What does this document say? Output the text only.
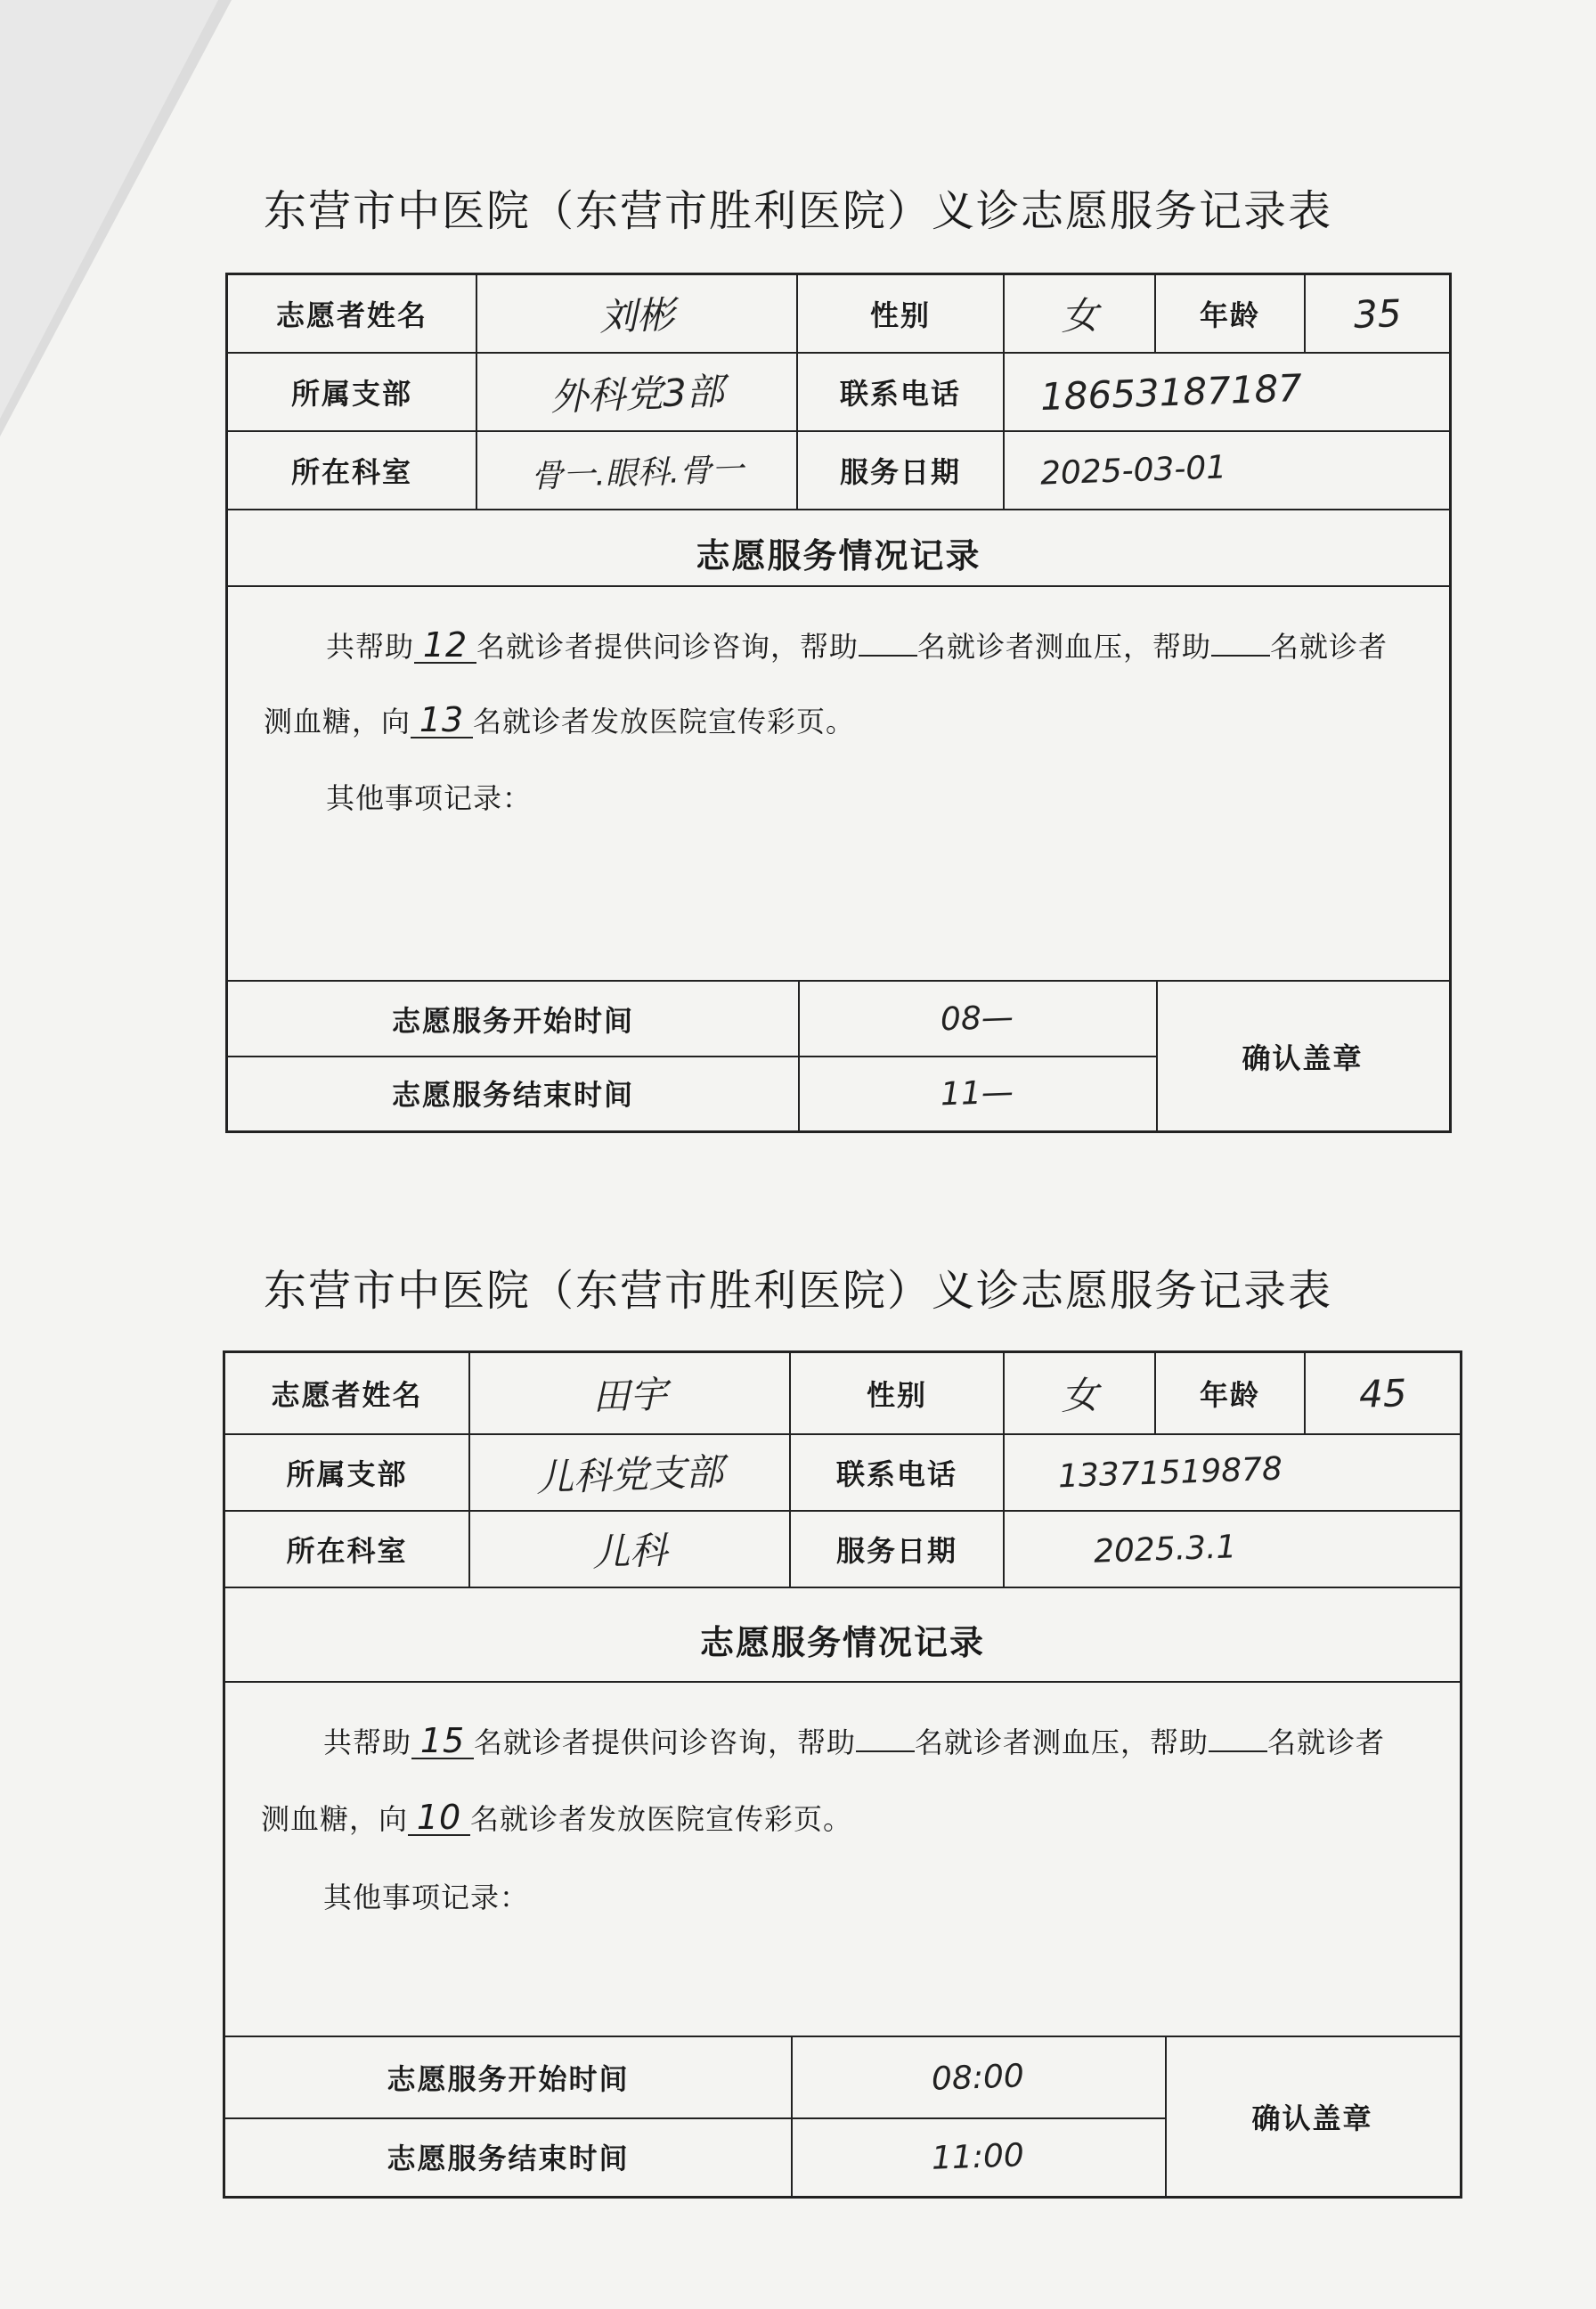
东营市中医院（东营市胜利医院）义诊志愿服务记录表
志愿者姓名	刘彬	性别	女	年龄 35
所属支部	外科党3部	联系电话 18653187187
所在科室	骨一.眼科.骨一	服务日期 2025-03-01
志愿服务情况记录
共帮助 12 名就诊者提供问诊咨询，帮助 名就诊者测血压，帮助 名就诊者
测血糖，向 13 名就诊者发放医院宣传彩页。
其他事项记录：
志愿服务开始时间	08—
志愿服务结束时间	11—
确认盖章
东营市中医院（东营市胜利医院）义诊志愿服务记录表
志愿者姓名	田宇	性别	女	年龄	45
所属支部	儿科党支部	联系电话	13371519878
所在科室	儿科	服务日期	2025.3.1
志愿服务情况记录
共帮助 15 名就诊者提供问诊咨询，帮助 名就诊者测血压，帮助 名就诊者
测血糖，向 10 名就诊者发放医院宣传彩页。
其他事项记录：
志愿服务开始时间	08:00
志愿服务结束时间	11:00
确认盖章
